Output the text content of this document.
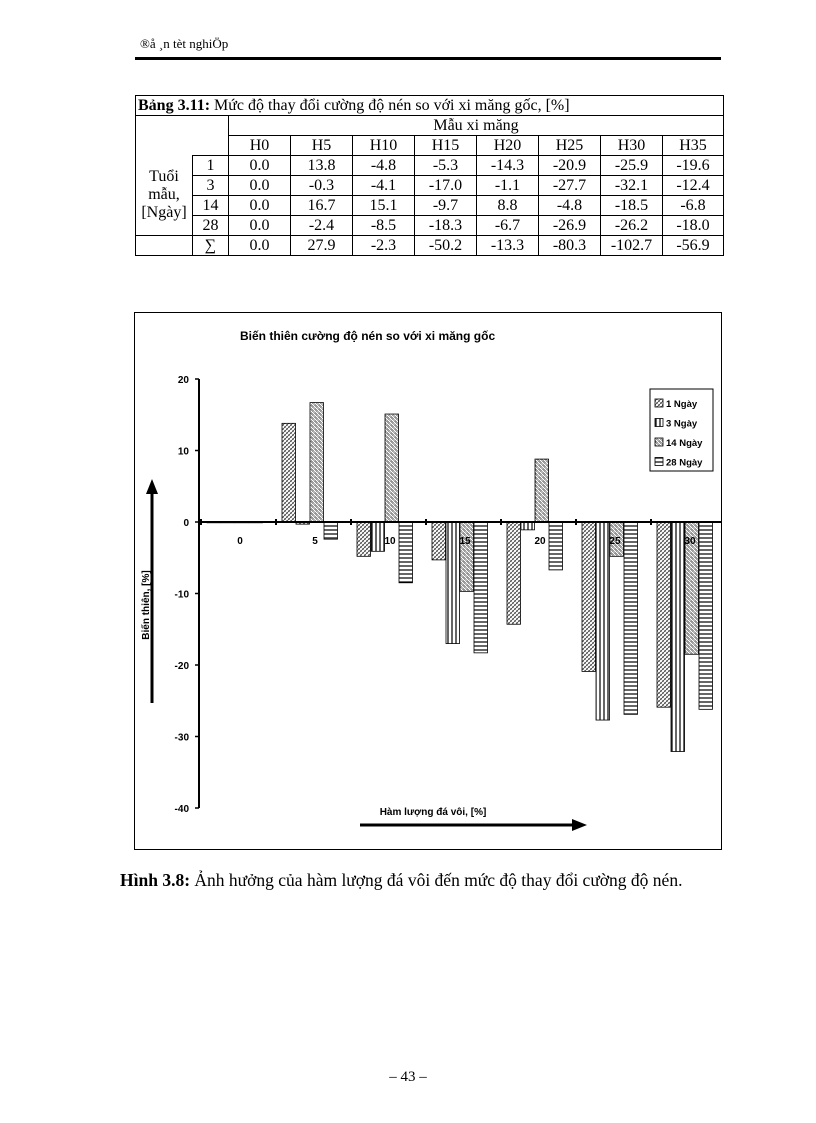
®å ¸n tèt nghiÖp
Bảng 3.11: Mức độ thay đổi cường độ nén so với xi măng gốc, [%]									
		Mẫu xi măng							
		H0	H5	H10	H15	H20	H25	H30	H35

Tuổi
mẫu,
[Ngày]	1	0.0	13.8	-4.8	-5.3	-14.3	-20.9	-25.9	-19.6
	3	0.0	-0.3	-4.1	-17.0	-1.1	-27.7	-32.1	-12.4
	14	0.0	16.7	15.1	-9.7	8.8	-4.8	-18.5	-6.8
	28	0.0	-2.4	-8.5	-18.3	-6.7	-26.9	-26.2	-18.0
	∑	0.0	27.9	-2.3	-50.2	-13.3	-80.3	-102.7	-56.9
Biến thiên cường độ nén so với xi măng gốc
20
10
0
-10
-20
-30
-40
0	5	10	15	20	25	30
Biến thiên, [%]
Hàm lượng đá vôi, [%]
1 Ngày
3 Ngày
14 Ngày
28 Ngày
Hình 3.8: Ảnh hưởng của hàm lượng đá vôi đến mức độ thay đổi cường độ nén.
– 43 –
